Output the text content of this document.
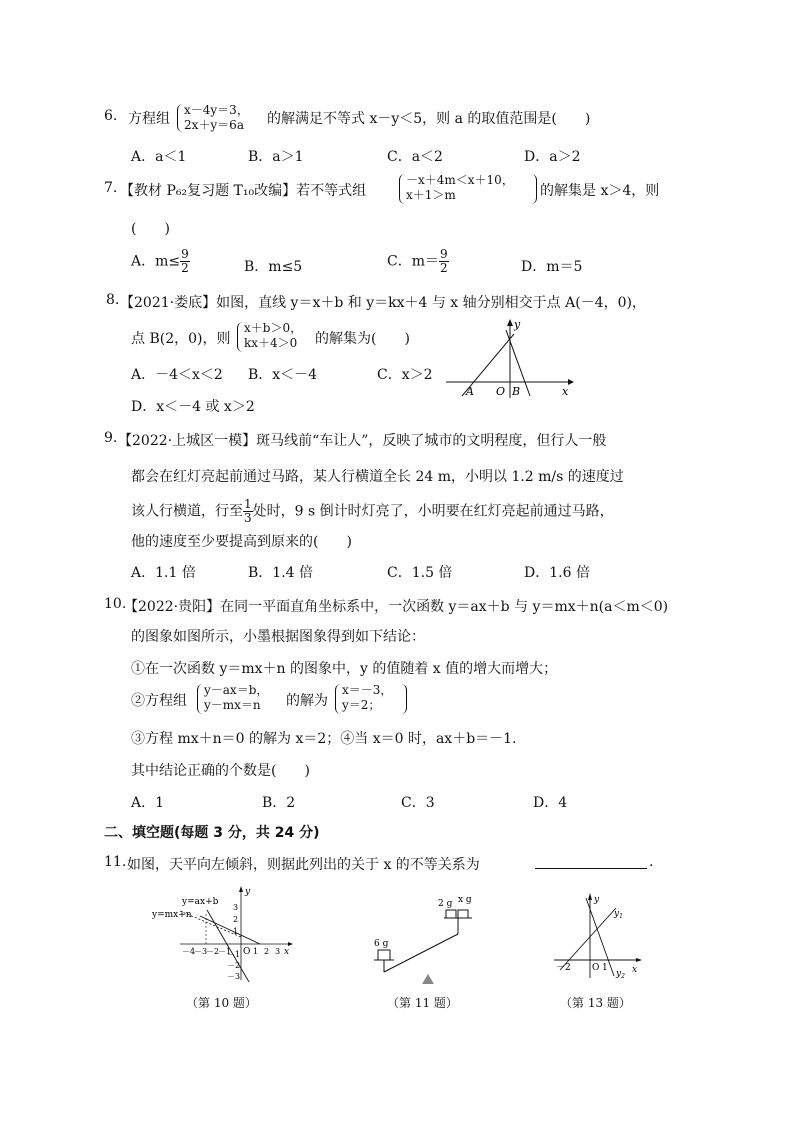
6. 方程组
x－4y＝3，
2x＋y＝6a	的解满足不等式 x－y＜5，则 a 的取值范围是(　　)
A．a＜1	B．a＞1	C．a＜2	D．a＞2
7. 【教材 P₆₂复习题 T₁₀改编】若不等式组
－x＋4m＜x＋10，
x＋1＞m	的解集是 x＞4，则
(　　)
A．$m\le \frac{9}{2}$	B．m≤5	C．$m= \frac{9}{2}$	D．m＝5
8. 【2021·娄底】如图，直线 y＝x＋b 和 y＝kx＋4 与 x 轴分别相交于点 A(－4，0)，
点 B(2，0)，则
x＋b＞0，
kx＋4＞0	的解集为(　　)
A．－4＜x＜2 B．x＜－4	C．x＞2
D．x＜－4 或 x＞2
y
x
A O B
9. 【2022·上城区一模】斑马线前“车让人”，反映了城市的文明程度，但行人一般
都会在红灯亮起前通过马路，某人行横道全长 24 m，小明以 1.2 m/s 的速度过
该人行横道，行至 $\frac{1}{3}$ 处时，9 s 倒计时灯亮了，小明要在红灯亮起前通过马路，
他的速度至少要提高到原来的(　　)
A．1.1 倍	B．1.4 倍	C．1.5 倍	D．1.6 倍
10.
【2022·贵阳】在同一平面直角坐标系中，一次函数 y＝ax＋b 与 y＝mx＋n(a＜m＜0)
的图象如图所示，小墨根据图象得到如下结论：
①在一次函数 y＝mx＋n 的图象中，y 的值随着 x 值的增大而增大；
②方程组
y－ax＝b，
y－mx＝n	的解为
x＝－3，
y＝2；
③方程 mx＋n＝0 的解为 x＝2；④当 x＝0 时，ax＋b＝－1.
其中结论正确的个数是(　　)
A．1	B．2	C．3	D．4
二、填空题(每题 3 分，共 24 分)
11. 如图，天平向左倾斜，则据此列出的关于 x 的不等关系为	.
y=ax+b
y=mx+n
y
x
O
－4
－3
－2
－1	1 2 3
3
2
1
－1
－2
－3
（第 10 题）
6 g
2 g x g
（第 11 题）
y
x
$y_1$
$y_2$
－2 O 1
（第 13 题）
